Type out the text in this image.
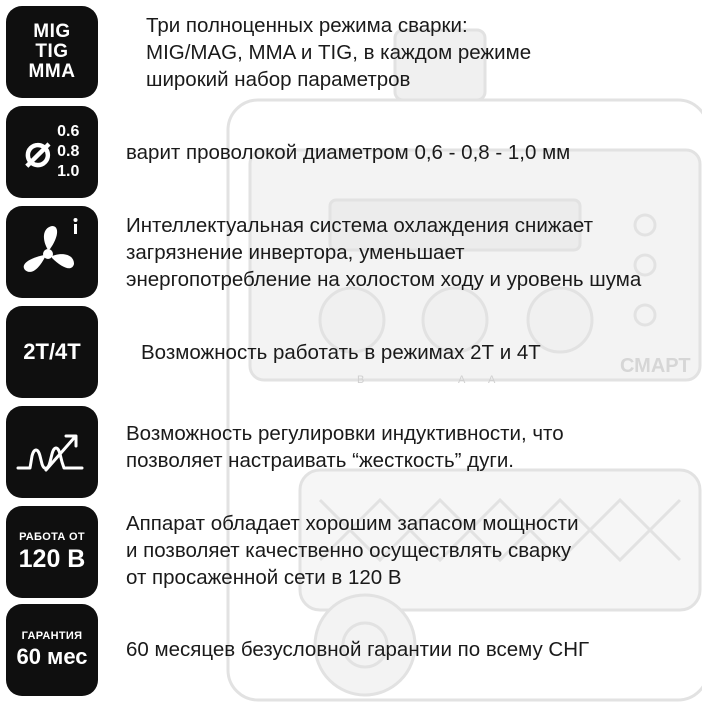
СМАРТ
B	A A
MIG
TIG
MMA
Три полноценных режима сварки:
MIG/MAG, MMA и TIG, в каждом режиме
широкий набор параметров
⌀ 0.6
0.8
1.0
варит проволокой диаметром 0,6 - 0,8 - 1,0 мм
Интеллектуальная система охлаждения снижает
загрязнение инвертора, уменьшает
энергопотребление на холостом ходу и уровень шума
2T/4T	Возможность работать в режимах 2Т и 4Т
Возможность регулировки индуктивности, что
позволяет настраивать “жесткость” дуги.
РАБОТА ОТ
120 В
Аппарат обладает хорошим запасом мощности
и позволяет качественно осуществлять сварку
от просаженной сети в 120 В
ГАРАНТИЯ
60 мес 60 месяцев безусловной гарантии по всему СНГ
